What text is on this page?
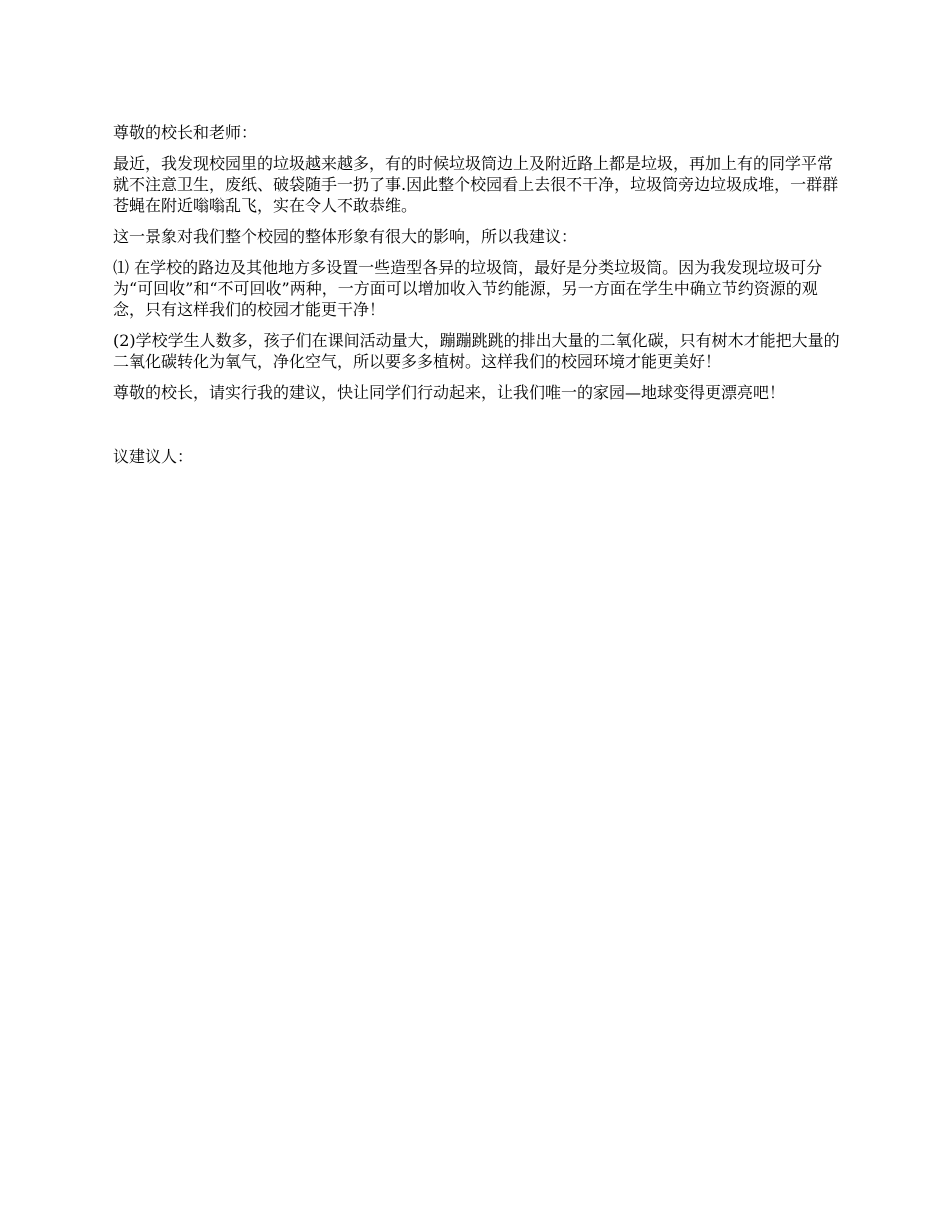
尊敬的校长和老师：

最近，我发现校园里的垃圾越来越多，有的时候垃圾筒边上及附近路上都是垃圾，再加上有的同学平常就不注意卫生，废纸、破袋随手一扔了事.因此整个校园看上去很不干净，垃圾筒旁边垃圾成堆，一群群苍蝇在附近嗡嗡乱飞，实在令人不敢恭维。

这一景象对我们整个校园的整体形象有很大的影响，所以我建议：

⑴ 在学校的路边及其他地方多设置一些造型各异的垃圾筒，最好是分类垃圾筒。因为我发现垃圾可分为“可回收”和“不可回收”两种，一方面可以增加收入节约能源，另一方面在学生中确立节约资源的观念，只有这样我们的校园才能更干净！

(2)学校学生人数多，孩子们在课间活动量大，蹦蹦跳跳的排出大量的二氧化碳，只有树木才能把大量的二氧化碳转化为氧气，净化空气，所以要多多植树。这样我们的校园环境才能更美好！

尊敬的校长，请实行我的建议，快让同学们行动起来，让我们唯一的家园—地球变得更漂亮吧！

议建议人：
